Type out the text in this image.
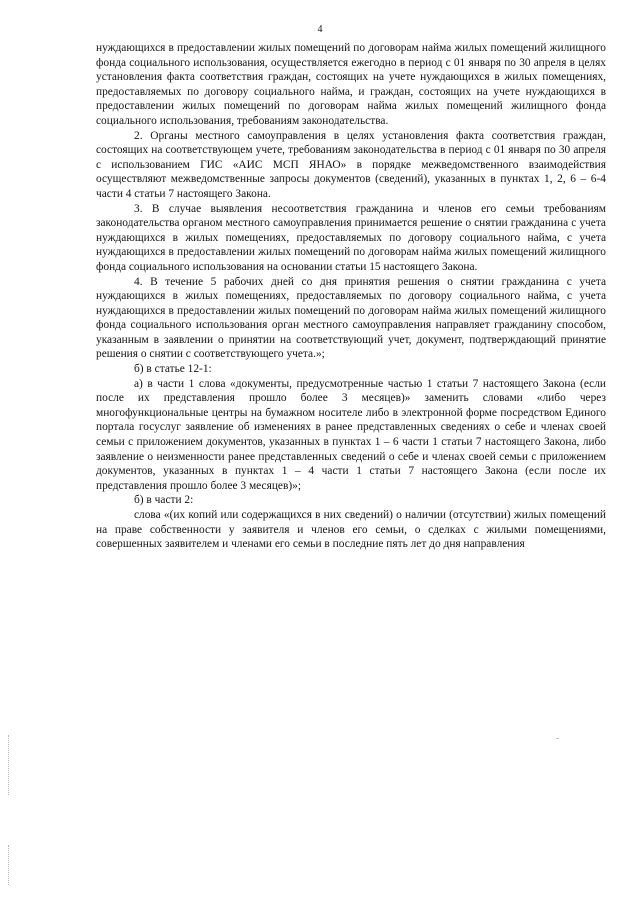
4

нуждающихся в предоставлении жилых помещений по договорам найма жилых помещений жилищного фонда социального использования, осуществляется ежегодно в период с 01 января по 30 апреля в целях установления факта соответствия граждан, состоящих на учете нуждающихся в жилых помещениях, предоставляемых по договору социального найма, и граждан, состоящих на учете нуждающихся в предоставлении жилых помещений по договорам найма жилых помещений жилищного фонда социального использования, требованиям законодательства.

2. Органы местного самоуправления в целях установления факта соответствия граждан, состоящих на соответствующем учете, требованиям законодательства в период с 01 января по 30 апреля с использованием ГИС «АИС МСП ЯНАО» в порядке межведомственного взаимодействия осуществляют межведомственные запросы документов (сведений), указанных в пунктах 1, 2, 6 – 6-4 части 4 статьи 7 настоящего Закона.

3. В случае выявления несоответствия гражданина и членов его семьи требованиям законодательства органом местного самоуправления принимается решение о снятии гражданина с учета нуждающихся в жилых помещениях, предоставляемых по договору социального найма, с учета нуждающихся в предоставлении жилых помещений по договорам найма жилых помещений жилищного фонда социального использования на основании статьи 15 настоящего Закона.

4. В течение 5 рабочих дней со дня принятия решения о снятии гражданина с учета нуждающихся в жилых помещениях, предоставляемых по договору социального найма, с учета нуждающихся в предоставлении жилых помещений по договорам найма жилых помещений жилищного фонда социального использования орган местного самоуправления направляет гражданину способом, указанным в заявлении о принятии на соответствующий учет, документ, подтверждающий принятие решения о снятии с соответствующего учета.»;

б) в статье 12-1:

а) в части 1 слова «документы, предусмотренные частью 1 статьи 7 настоящего Закона (если после их представления прошло более 3 месяцев)» заменить словами «либо через многофункциональные центры на бумажном носителе либо в электронной форме посредством Единого портала госуслуг заявление об изменениях в ранее представленных сведениях о себе и членах своей семьи с приложением документов, указанных в пунктах 1 – 6 части 1 статьи 7 настоящего Закона, либо заявление о неизменности ранее представленных сведений о себе и членах своей семьи с приложением документов, указанных в пунктах 1 – 4 части 1 статьи 7 настоящего Закона (если после их представления прошло более 3 месяцев)»;

б) в части 2:

слова «(их копий или содержащихся в них сведений) о наличии (отсутствии) жилых помещений на праве собственности у заявителя и членов его семьи, о сделках с жилыми помещениями, совершенных заявителем и членами его семьи в последние пять лет до дня направления
